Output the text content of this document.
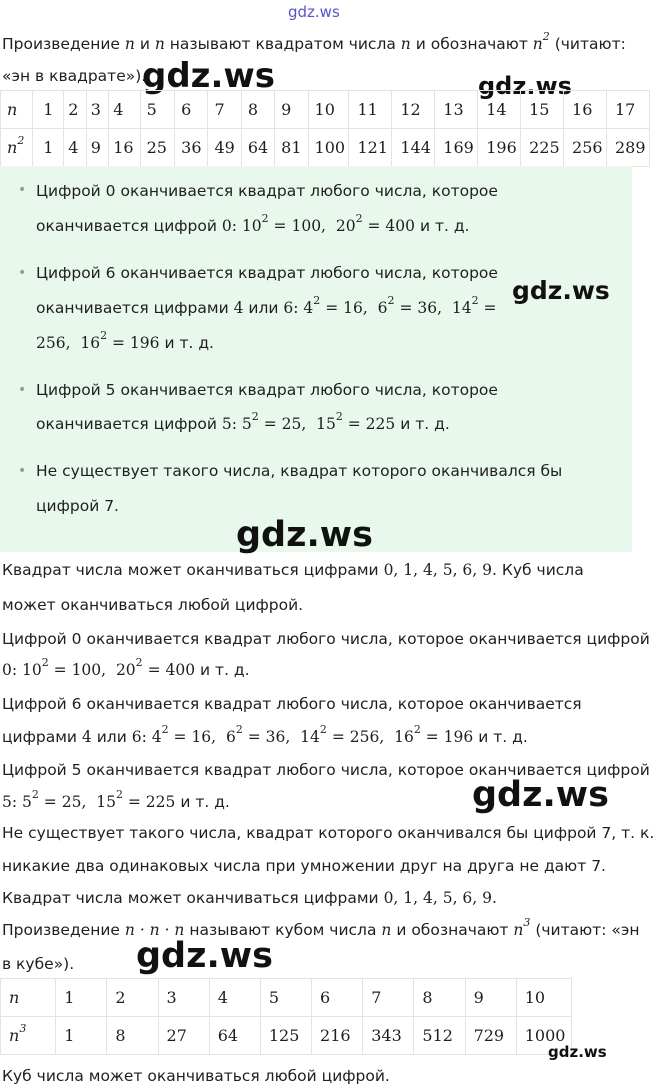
gdz.ws
Произведение n и n называют квадратом числа n и обозначают $n^2$ (читают:
«эн в квадрате»).
gdz.ws	gdz.ws
n	1	2	3	4	5	6	7	8	9	10	11	12	13	14	15	16	17
$n^2$	1	4	9	16	25	36	49	64	81	100	121	144	169	196	225	256	289
• Цифрой 0 оканчивается квадрат любого числа, которое
оканчивается цифрой 0: $10^2 = 100$,  $20^2 = 400$ и т. д.
• Цифрой 6 оканчивается квадрат любого числа, которое
оканчивается цифрами 4 или 6: $4^2 = 16$,  $6^2 = 36$,  $14^2$ =
256,  $16^2 = 196$ и т. д.
gdz.ws
• Цифрой 5 оканчивается квадрат любого числа, которое
оканчивается цифрой 5: $5^2 = 25$,  $15^2 = 225$ и т. д.
• Не существует такого числа, квадрат которого оканчивался бы
цифрой 7.
gdz.ws
Квадрат числа может оканчиваться цифрами 0, 1, 4, 5, 6, 9. Куб числа
может оканчиваться любой цифрой.
Цифрой 0 оканчивается квадрат любого числа, которое оканчивается цифрой
0: $10^2 = 100$,  $20^2 = 400$ и т. д.
Цифрой 6 оканчивается квадрат любого числа, которое оканчивается
цифрами 4 или 6: $4^2 = 16$,  $6^2 = 36$,  $14^2 = 256$,  $16^2 = 196$ и т. д.
Цифрой 5 оканчивается квадрат любого числа, которое оканчивается цифрой
5: $5^2 = 25$,  $15^2 = 225$ и т. д.	gdz.ws
Не существует такого числа, квадрат которого оканчивался бы цифрой 7, т. к.
никакие два одинаковых числа при умножении друг на друга не дают 7.
Квадрат числа может оканчиваться цифрами 0, 1, 4, 5, 6, 9.
Произведение n · n · n называют кубом числа n и обозначают $n^3$ (читают: «эн
в кубе»). gdz.ws
n	1	2	3	4	5	6	7	8	9	10
$n^3$	1	8	27	64	125	216	343	512	729	1000
gdz.ws
Куб числа может оканчиваться любой цифрой.
